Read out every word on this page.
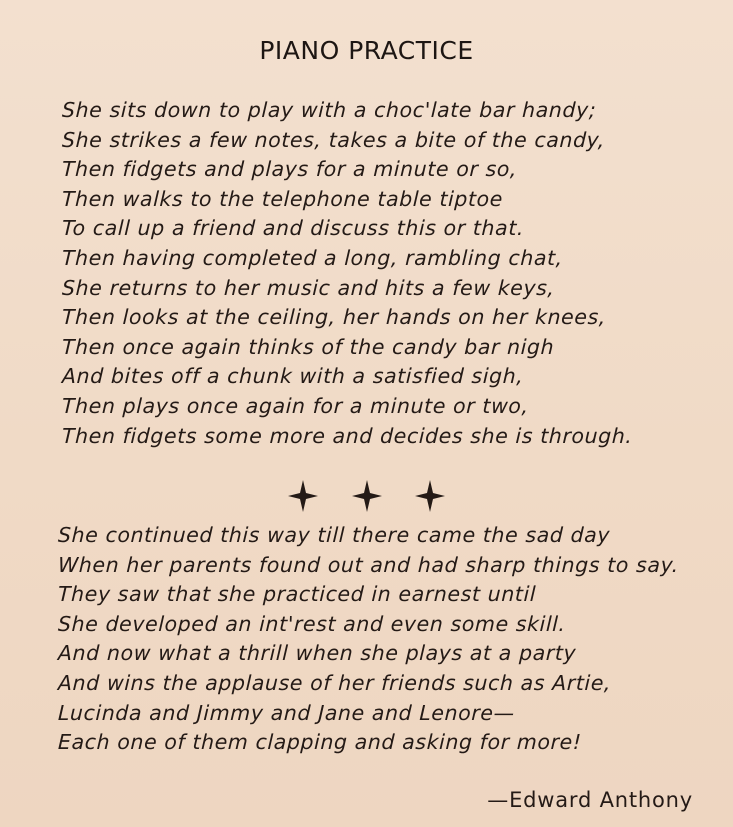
PIANO PRACTICE
She sits down to play with a choc'late bar handy;
She strikes a few notes, takes a bite of the candy,
Then fidgets and plays for a minute or so,
Then walks to the telephone table tiptoe
To call up a friend and discuss this or that.
Then having completed a long, rambling chat,
She returns to her music and hits a few keys,
Then looks at the ceiling, her hands on her knees,
Then once again thinks of the candy bar nigh
And bites off a chunk with a satisfied sigh,
Then plays once again for a minute or two,
Then fidgets some more and decides she is through.

She continued this way till there came the sad day
When her parents found out and had sharp things to say.
They saw that she practiced in earnest until
She developed an int'rest and even some skill.
And now what a thrill when she plays at a party
And wins the applause of her friends such as Artie,
Lucinda and Jimmy and Jane and Lenore—
Each one of them clapping and asking for more!
—Edward Anthony
